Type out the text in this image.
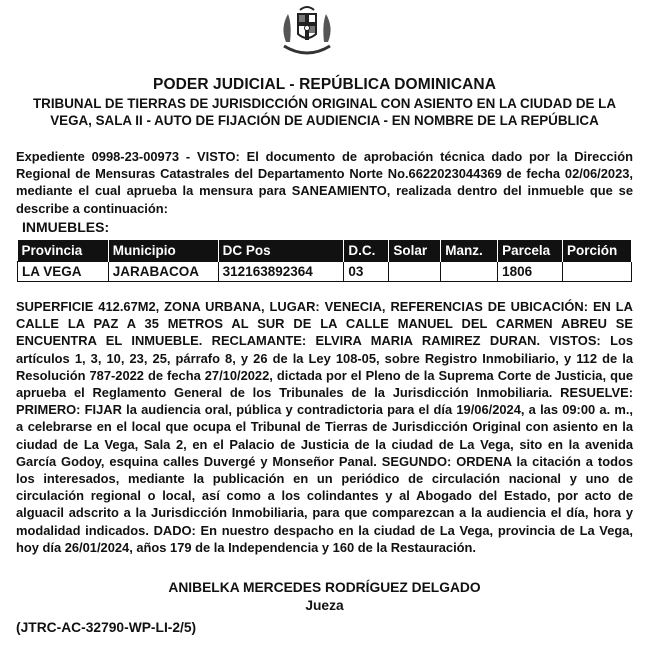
PODER JUDICIAL - REPÚBLICA DOMINICANA
TRIBUNAL DE TIERRAS DE JURISDICCIÓN ORIGINAL CON ASIENTO EN LA CIUDAD DE LA VEGA, SALA II - AUTO DE FIJACIÓN DE AUDIENCIA - EN NOMBRE DE LA REPÚBLICA
Expediente 0998-23-00973 - VISTO: El documento de aprobación técnica dado por la Dirección Regional de Mensuras Catastrales del Departamento Norte No.6622023044369 de fecha 02/06/2023, mediante el cual aprueba la mensura para SANEAMIENTO, realizada dentro del inmueble que se describe a continuación:
INMUEBLES:
Provincia	Municipio	DC Pos	D.C.	Solar	Manz.	Parcela	Porción
LA VEGA	JARABACOA	312163892364	03			1806	
SUPERFICIE 412.67M2, ZONA URBANA, LUGAR: VENECIA, REFERENCIAS DE UBICACIÓN: EN LA CALLE LA PAZ A 35 METROS AL SUR DE LA CALLE MANUEL DEL CARMEN ABREU SE ENCUENTRA EL INMUEBLE. RECLAMANTE: ELVIRA MARIA RAMIREZ DURAN. VISTOS: Los artículos 1, 3, 10, 23, 25, párrafo 8, y 26 de la Ley 108-05, sobre Registro Inmobiliario, y 112 de la Resolución 787-2022 de fecha 27/10/2022, dictada por el Pleno de la Suprema Corte de Justicia, que aprueba el Reglamento General de los Tribunales de la Jurisdicción Inmobiliaria. RESUELVE: PRIMERO: FIJAR la audiencia oral, pública y contradictoria para el día 19/06/2024, a las 09:00 a. m., a celebrarse en el local que ocupa el Tribunal de Tierras de Jurisdicción Original con asiento en la ciudad de La Vega, Sala 2, en el Palacio de Justicia de la ciudad de La Vega, sito en la avenida García Godoy, esquina calles Duvergé y Monseñor Panal. SEGUNDO: ORDENA la citación a todos los interesados, mediante la publicación en un periódico de circulación nacional y uno de circulación regional o local, así como a los colindantes y al Abogado del Estado, por acto de alguacil adscrito a la Jurisdicción Inmobiliaria, para que comparezcan a la audiencia el día, hora y modalidad indicados. DADO: En nuestro despacho en la ciudad de La Vega, provincia de La Vega, hoy día 26/01/2024, años 179 de la Independencia y 160 de la Restauración.
ANIBELKA MERCEDES RODRÍGUEZ DELGADO
Jueza
(JTRC-AC-32790-WP-LI-2/5)
